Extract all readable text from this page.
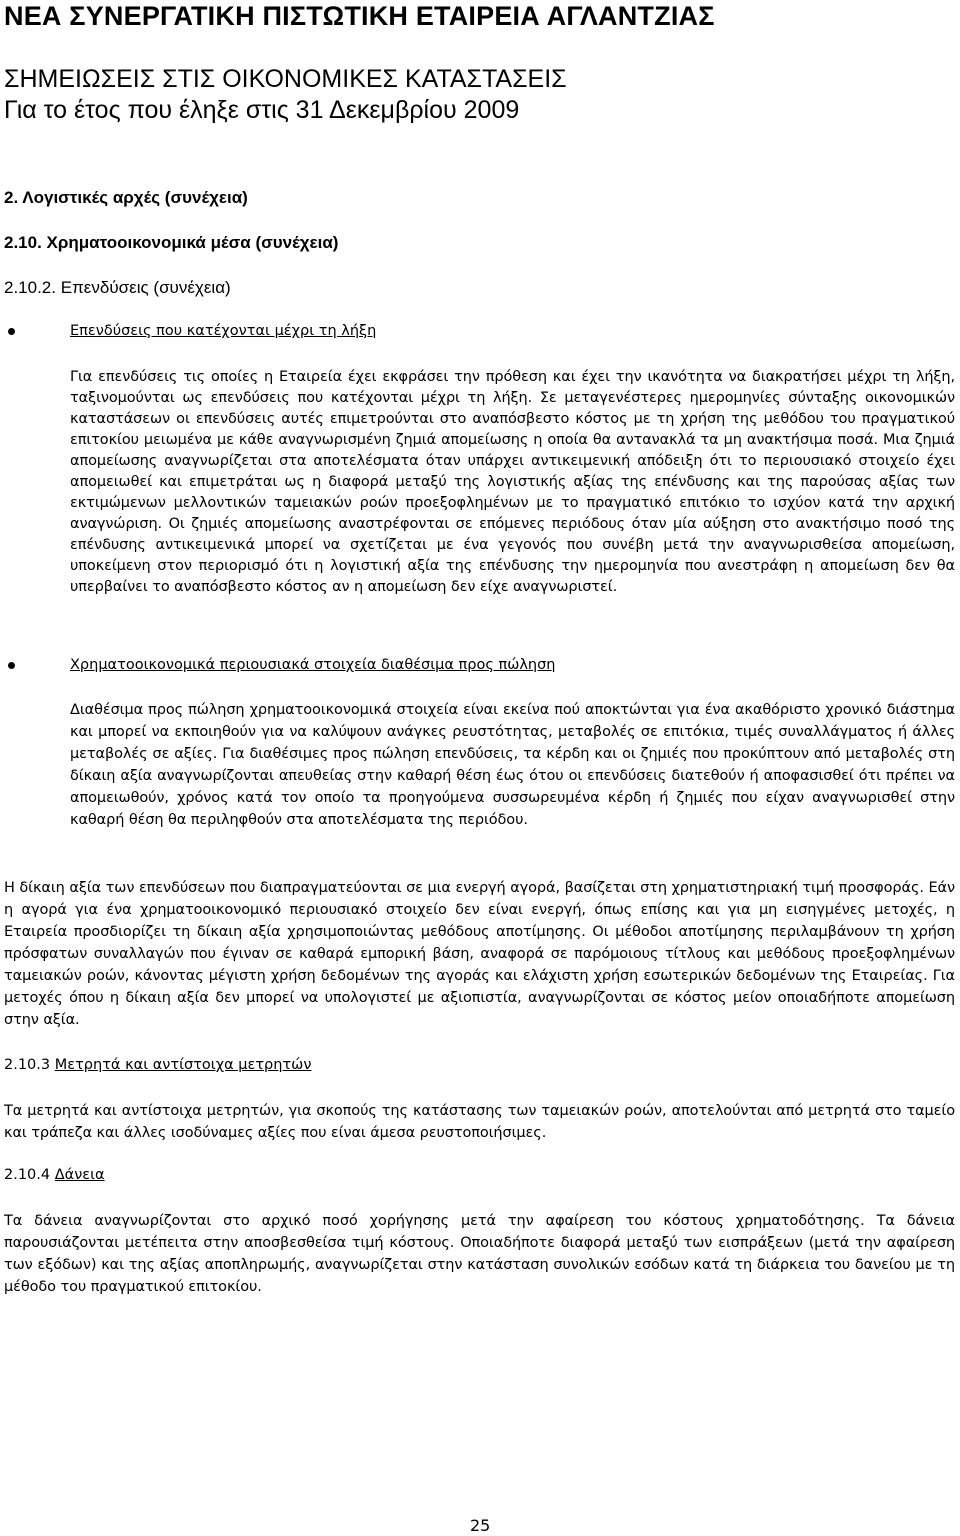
ΝΕΑ ΣΥΝΕΡΓΑΤΙΚΗ ΠΙΣΤΩΤΙΚΗ ΕΤΑΙΡΕΙΑ ΑΓΛΑΝΤΖΙΑΣ
ΣΗΜΕΙΩΣΕΙΣ ΣΤΙΣ ΟΙΚΟΝΟΜΙΚΕΣ ΚΑΤΑΣΤΑΣΕΙΣ
Για το έτος που έληξε στις 31 Δεκεμβρίου 2009
2. Λογιστικές αρχές (συνέχεια)
2.10. Χρηματοοικονομικά μέσα (συνέχεια)
2.10.2. Επενδύσεις (συνέχεια)
Επενδύσεις που κατέχονται μέχρι τη λήξη
Για επενδύσεις τις οποίες η Εταιρεία έχει εκφράσει την πρόθεση και έχει την ικανότητα να διακρατήσει μέχρι τη λήξη, ταξινομούνται ως επενδύσεις που κατέχονται μέχρι τη λήξη. Σε μεταγενέστερες ημερομηνίες σύνταξης οικονομικών καταστάσεων οι επενδύσεις αυτές επιμετρούνται στο αναπόσβεστο κόστος με τη χρήση της μεθόδου του πραγματικού επιτοκίου μειωμένα με κάθε αναγνωρισμένη ζημιά απομείωσης η οποία θα αντανακλά τα μη ανακτήσιμα ποσά. Μια ζημιά απομείωσης αναγνωρίζεται στα αποτελέσματα όταν υπάρχει αντικειμενική απόδειξη ότι το περιουσιακό στοιχείο έχει απομειωθεί και επιμετράται ως η διαφορά μεταξύ της λογιστικής αξίας της επένδυσης και της παρούσας αξίας των εκτιμώμενων μελλοντικών ταμειακών ροών προεξοφλημένων με το πραγματικό επιτόκιο το ισχύον κατά την αρχική αναγνώριση. Οι ζημιές απομείωσης αναστρέφονται σε επόμενες περιόδους όταν μία αύξηση στο ανακτήσιμο ποσό της επένδυσης αντικειμενικά μπορεί να σχετίζεται με ένα γεγονός που συνέβη μετά την αναγνωρισθείσα απομείωση, υποκείμενη στον περιορισμό ότι η λογιστική αξία της επένδυσης την ημερομηνία που ανεστράφη η απομείωση δεν θα υπερβαίνει το αναπόσβεστο κόστος αν η απομείωση δεν είχε αναγνωριστεί.
Χρηματοοικονομικά περιουσιακά στοιχεία διαθέσιμα προς πώληση
Διαθέσιμα προς πώληση χρηματοοικονομικά στοιχεία είναι εκείνα πού αποκτώνται για ένα ακαθόριστο χρονικό διάστημα και μπορεί να εκποιηθούν για να καλύψουν ανάγκες ρευστότητας, μεταβολές σε επιτόκια, τιμές συναλλάγματος ή άλλες μεταβολές σε αξίες. Για διαθέσιμες προς πώληση επενδύσεις, τα κέρδη και οι ζημιές που προκύπτουν από μεταβολές στη δίκαιη αξία αναγνωρίζονται απευθείας στην καθαρή θέση έως ότου οι επενδύσεις διατεθούν ή αποφασισθεί ότι πρέπει να απομειωθούν, χρόνος κατά τον οποίο τα προηγούμενα συσσωρευμένα κέρδη ή ζημιές που είχαν αναγνωρισθεί στην καθαρή θέση θα περιληφθούν στα αποτελέσματα της περιόδου.
Η δίκαιη αξία των επενδύσεων που διαπραγματεύονται σε μια ενεργή αγορά, βασίζεται στη χρηματιστηριακή τιμή προσφοράς. Εάν η αγορά για ένα χρηματοοικονομικό περιουσιακό στοιχείο δεν είναι ενεργή, όπως επίσης και για μη εισηγμένες μετοχές, η Εταιρεία προσδιορίζει τη δίκαιη αξία χρησιμοποιώντας μεθόδους αποτίμησης. Οι μέθοδοι αποτίμησης περιλαμβάνουν τη χρήση πρόσφατων συναλλαγών που έγιναν σε καθαρά εμπορική βάση, αναφορά σε παρόμοιους τίτλους και μεθόδους προεξοφλημένων ταμειακών ροών, κάνοντας μέγιστη χρήση δεδομένων της αγοράς και ελάχιστη χρήση εσωτερικών δεδομένων της Εταιρείας. Για μετοχές όπου η δίκαιη αξία δεν μπορεί να υπολογιστεί με αξιοπιστία, αναγνωρίζονται σε κόστος μείον οποιαδήποτε απομείωση στην αξία.
2.10.3 Μετρητά και αντίστοιχα μετρητών
Τα μετρητά και αντίστοιχα μετρητών, για σκοπούς της κατάστασης των ταμειακών ροών, αποτελούνται από μετρητά στο ταμείο και τράπεζα και άλλες ισοδύναμες αξίες που είναι άμεσα ρευστοποιήσιμες.
2.10.4 Δάνεια
Τα δάνεια αναγνωρίζονται στο αρχικό ποσό χορήγησης μετά την αφαίρεση του κόστους χρηματοδότησης. Τα δάνεια παρουσιάζονται μετέπειτα στην αποσβεσθείσα τιμή κόστους. Οποιαδήποτε διαφορά μεταξύ των εισπράξεων (μετά την αφαίρεση των εξόδων) και της αξίας αποπληρωμής, αναγνωρίζεται στην κατάσταση συνολικών εσόδων κατά τη διάρκεια του δανείου με τη μέθοδο του πραγματικού επιτοκίου.
25
